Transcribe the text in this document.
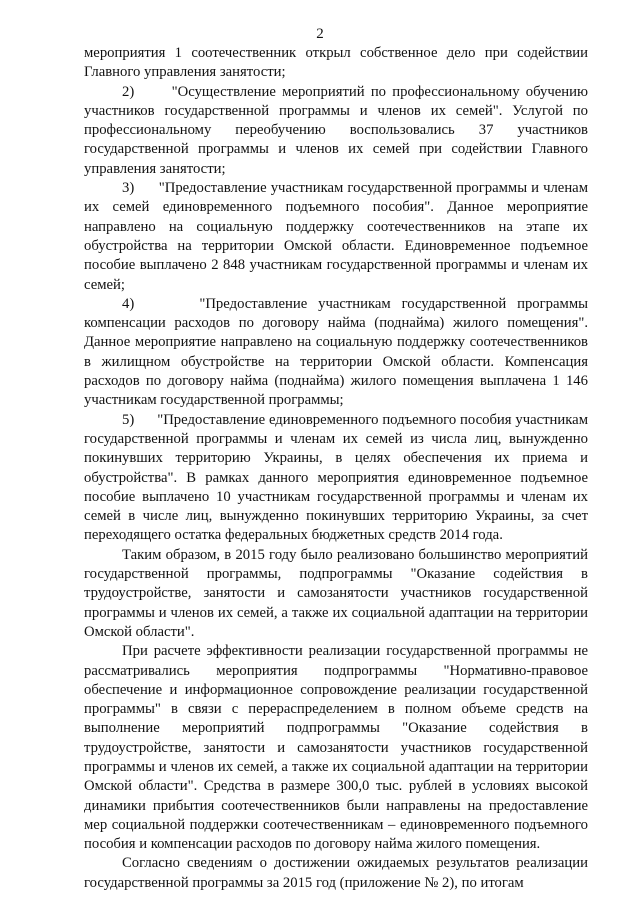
2

мероприятия 1 соотечественник открыл собственное дело при содействии Главного управления занятости;

2)      "Осуществление мероприятий по профессиональному обучению участников государственной программы и членов их семей". Услугой по профессиональному переобучению воспользовались 37 участников государственной программы и членов их семей при содействии Главного управления занятости;

3)      "Предоставление участникам государственной программы и членам их семей единовременного подъемного пособия". Данное мероприятие направлено на социальную поддержку соотечественников на этапе их обустройства на территории Омской области. Единовременное подъемное пособие выплачено 2 848 участникам государственной программы и членам их семей;

4)      "Предоставление участникам государственной программы компенсации расходов по договору найма (поднайма) жилого помещения". Данное мероприятие направлено на социальную поддержку соотечественников в жилищном обустройстве на территории Омской области. Компенсация расходов по договору найма (поднайма) жилого помещения выплачена 1 146 участникам государственной программы;

5)      "Предоставление единовременного подъемного пособия участникам государственной программы и членам их семей из числа лиц, вынужденно покинувших территорию Украины, в целях обеспечения их приема и обустройства". В рамках данного мероприятия единовременное подъемное пособие выплачено 10 участникам государственной программы и членам их семей в числе лиц, вынужденно покинувших территорию Украины, за счет переходящего остатка федеральных бюджетных средств 2014 года.

Таким образом, в 2015 году было реализовано большинство мероприятий государственной программы, подпрограммы "Оказание содействия в трудоустройстве, занятости и самозанятости участников государственной программы и членов их семей, а также их социальной адаптации на территории Омской области".

При расчете эффективности реализации государственной программы не рассматривались мероприятия подпрограммы "Нормативно-правовое обеспечение и информационное сопровождение реализации государственной программы" в связи с перераспределением в полном объеме средств на выполнение мероприятий подпрограммы "Оказание содействия в трудоустройстве, занятости и самозанятости участников государственной программы и членов их семей, а также их социальной адаптации на территории Омской области". Средства в размере 300,0 тыс. рублей в условиях высокой динамики прибытия соотечественников были направлены на предоставление мер социальной поддержки соотечественникам – единовременного подъемного пособия и компенсации расходов по договору найма жилого помещения.

Согласно сведениям о достижении ожидаемых результатов реализации государственной программы за 2015 год (приложение № 2), по итогам
